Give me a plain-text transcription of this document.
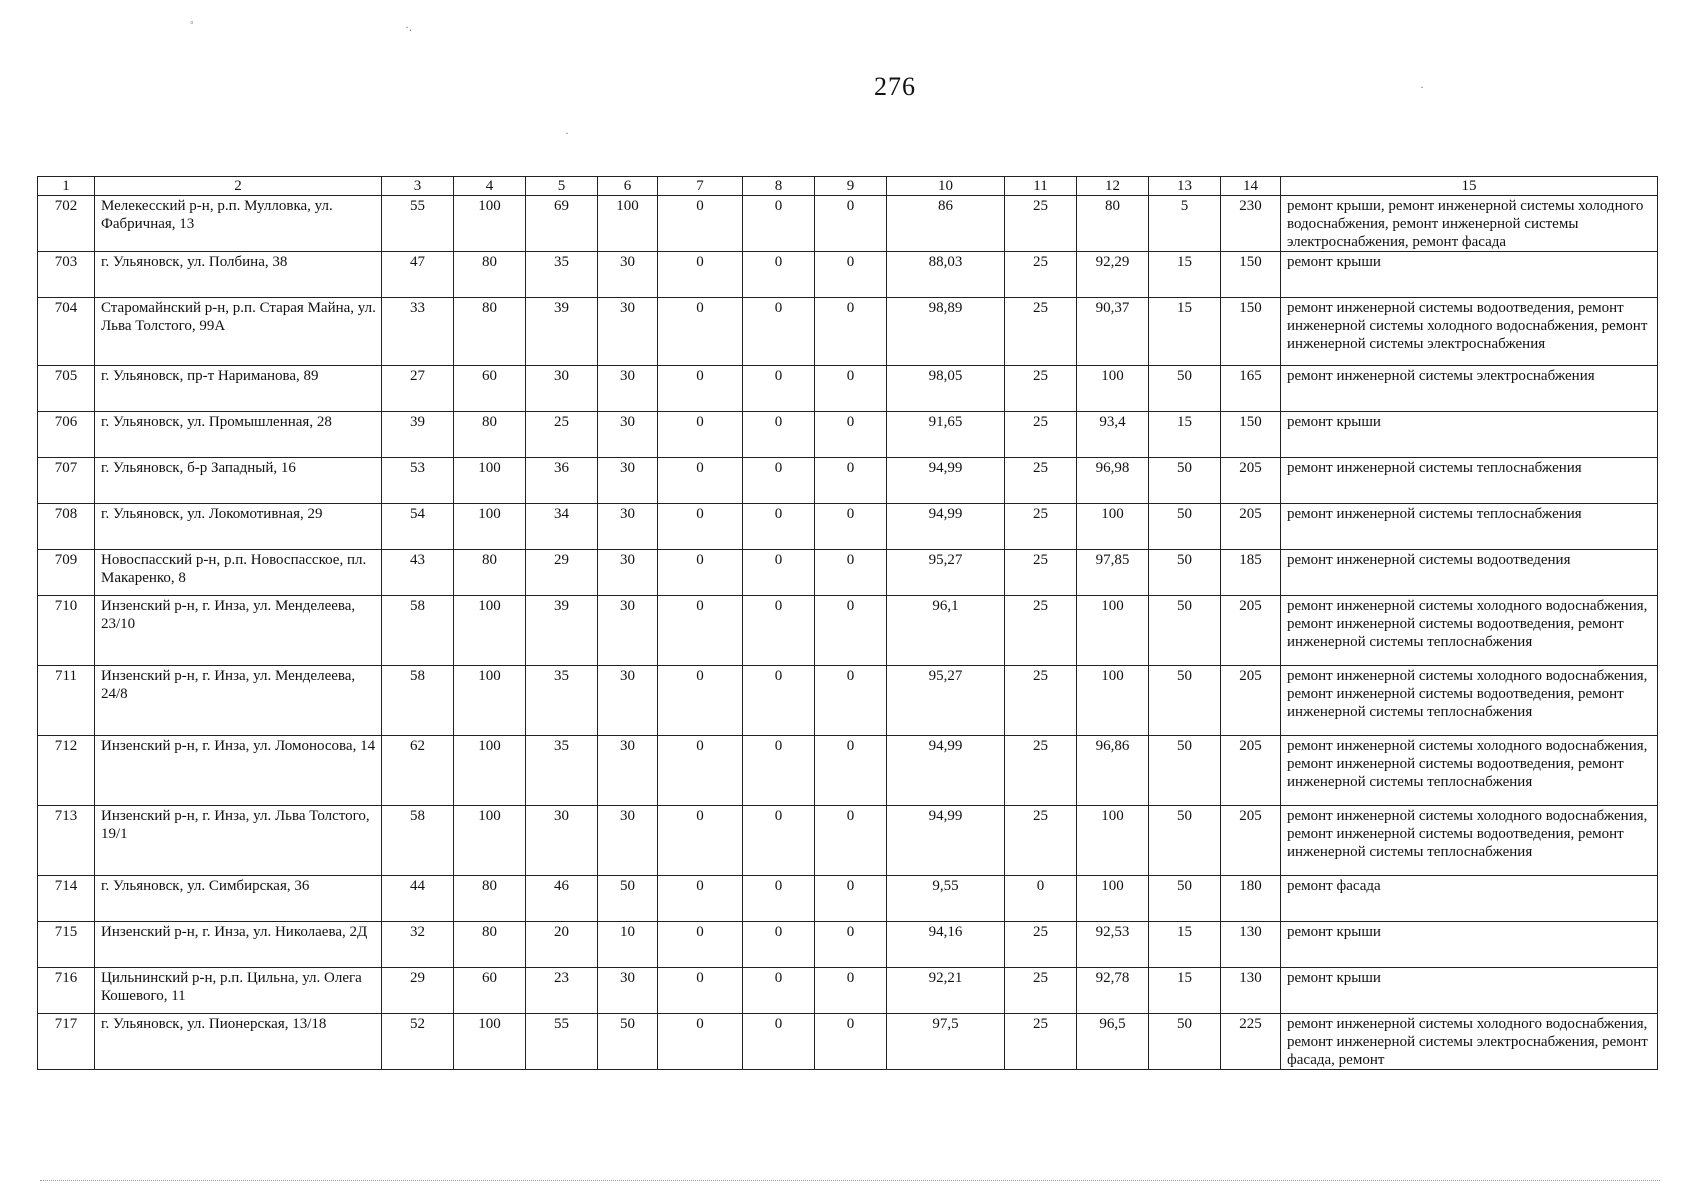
276
ﾟ	·.
·
·
1	2	3	4	5	6	7	8	9	10	11	12	13	14	15
702	Мелекесский р-н, р.п. Мулловка, ул. Фабричная, 13	55	100	69	100	0	0	0	86	25	80	5	230	ремонт крыши, ремонт инженерной системы холодного водоснабжения, ремонт инженерной системы электроснабжения, ремонт фасада
703	г. Ульяновск, ул. Полбина, 38	47	80	35	30	0	0	0	88,03	25	92,29	15	150	ремонт крыши
704	Старомайнский р-н, р.п. Старая Майна, ул. Льва Толстого, 99А	33	80	39	30	0	0	0	98,89	25	90,37	15	150	ремонт инженерной системы водоотведения, ремонт инженерной системы холодного водоснабжения, ремонт инженерной системы электроснабжения
705	г. Ульяновск, пр-т Нариманова, 89	27	60	30	30	0	0	0	98,05	25	100	50	165	ремонт инженерной системы электроснабжения
706	г. Ульяновск, ул. Промышленная, 28	39	80	25	30	0	0	0	91,65	25	93,4	15	150	ремонт крыши
707	г. Ульяновск, б-р Западный, 16	53	100	36	30	0	0	0	94,99	25	96,98	50	205	ремонт инженерной системы теплоснабжения
708	г. Ульяновск, ул. Локомотивная, 29	54	100	34	30	0	0	0	94,99	25	100	50	205	ремонт инженерной системы теплоснабжения
709	Новоспасский р-н, р.п. Новоспасское, пл. Макаренко, 8	43	80	29	30	0	0	0	95,27	25	97,85	50	185	ремонт инженерной системы водоотведения
710	Инзенский р-н, г. Инза, ул. Менделеева, 23/10	58	100	39	30	0	0	0	96,1	25	100	50	205	ремонт инженерной системы холодного водоснабжения, ремонт инженерной системы водоотведения, ремонт инженерной системы теплоснабжения
711	Инзенский р-н, г. Инза, ул. Менделеева, 24/8	58	100	35	30	0	0	0	95,27	25	100	50	205	ремонт инженерной системы холодного водоснабжения, ремонт инженерной системы водоотведения, ремонт инженерной системы теплоснабжения
712	Инзенский р-н, г. Инза, ул. Ломоносова, 14	62	100	35	30	0	0	0	94,99	25	96,86	50	205	ремонт инженерной системы холодного водоснабжения, ремонт инженерной системы водоотведения, ремонт инженерной системы теплоснабжения
713	Инзенский р-н, г. Инза, ул. Льва Толстого, 19/1	58	100	30	30	0	0	0	94,99	25	100	50	205	ремонт инженерной системы холодного водоснабжения, ремонт инженерной системы водоотведения, ремонт инженерной системы теплоснабжения
714	г. Ульяновск, ул. Симбирская, 36	44	80	46	50	0	0	0	9,55	0	100	50	180	ремонт фасада
715	Инзенский р-н, г. Инза, ул. Николаева, 2Д	32	80	20	10	0	0	0	94,16	25	92,53	15	130	ремонт крыши
716	Цильнинский р-н, р.п. Цильна, ул. Олега Кошевого, 11	29	60	23	30	0	0	0	92,21	25	92,78	15	130	ремонт крыши
717	г. Ульяновск, ул. Пионерская, 13/18	52	100	55	50	0	0	0	97,5	25	96,5	50	225	ремонт инженерной системы холодного водоснабжения, ремонт инженерной системы электроснабжения, ремонт фасада, ремонт
